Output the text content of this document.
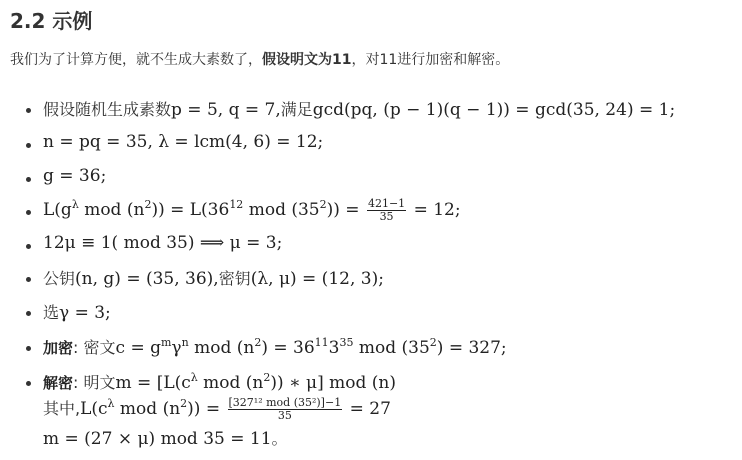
2.2 示例
我们为了计算方便，就不生成大素数了，假设明文为11，对11进行加密和解密。
假设随机生成素数p = 5, q = 7,满足gcd(pq, (p − 1)(q − 1)) = gcd(35, 24) = 1;
n = pq = 35, λ = lcm(4, 6) = 12;
g = 36;
$L(g^\lambda$ mod $(n^2)) = L(36^{12}$ mod $(35^2)) = \frac{421-1}{35} = 12$;
12μ ≡ 1( mod 35) ⟹ μ = 3;
公钥(n, g) = (35, 36),密钥(λ, μ) = (12, 3);
选γ = 3;
加密: 密文$c = g^m\gamma^n$ mod $(n^2) = 36^{11}3^{35}$ mod $(35^2) = 327$;
解密: 明文$m = [L(c^\lambda$ mod $(n^2)$) ∗ μ] mod (n)
其中$,L(c^\lambda$ mod $(n^2)) = \frac{\text{[327¹² mod (35²)]−1}}{35} = 27$
m = (27 × μ) mod 35 = 11。
